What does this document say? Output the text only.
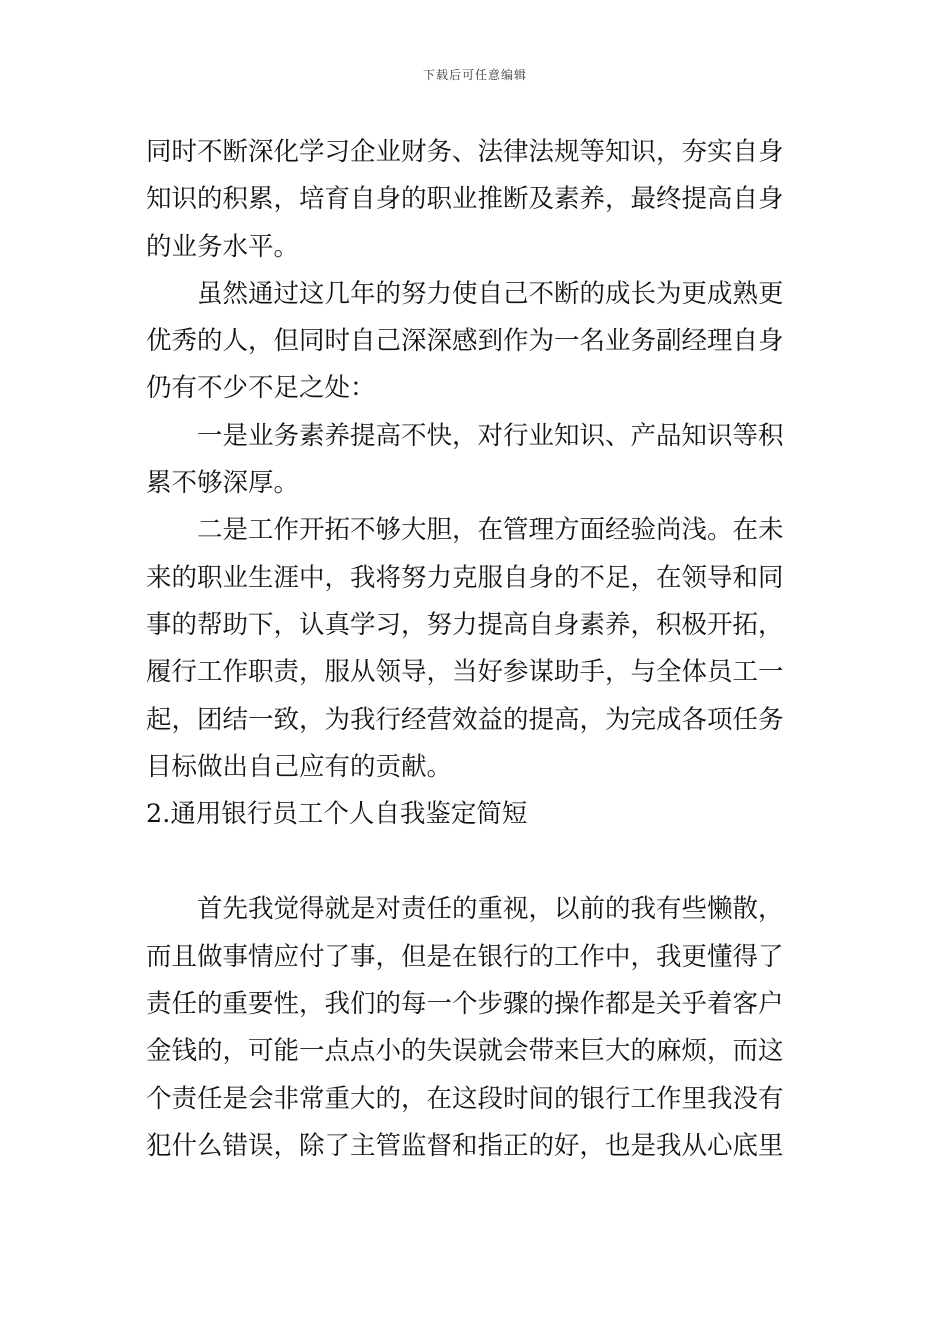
下载后可任意编辑
同时不断深化学习企业财务、法律法规等知识，夯实自身
知识的积累，培育自身的职业推断及素养，最终提高自身
的业务水平。
虽然通过这几年的努力使自己不断的成长为更成熟更
优秀的人，但同时自己深深感到作为一名业务副经理自身
仍有不少不足之处：
一是业务素养提高不快，对行业知识、产品知识等积
累不够深厚。
二是工作开拓不够大胆，在管理方面经验尚浅。在未
来的职业生涯中，我将努力克服自身的不足，在领导和同
事的帮助下，认真学习，努力提高自身素养，积极开拓，
履行工作职责，服从领导，当好参谋助手，与全体员工一
起，团结一致，为我行经营效益的提高，为完成各项任务
目标做出自己应有的贡献。
2.通用银行员工个人自我鉴定简短
首先我觉得就是对责任的重视，以前的我有些懒散，
而且做事情应付了事，但是在银行的工作中，我更懂得了
责任的重要性，我们的每一个步骤的操作都是关乎着客户
金钱的，可能一点点小的失误就会带来巨大的麻烦，而这
个责任是会非常重大的，在这段时间的银行工作里我没有
犯什么错误，除了主管监督和指正的好，也是我从心底里
